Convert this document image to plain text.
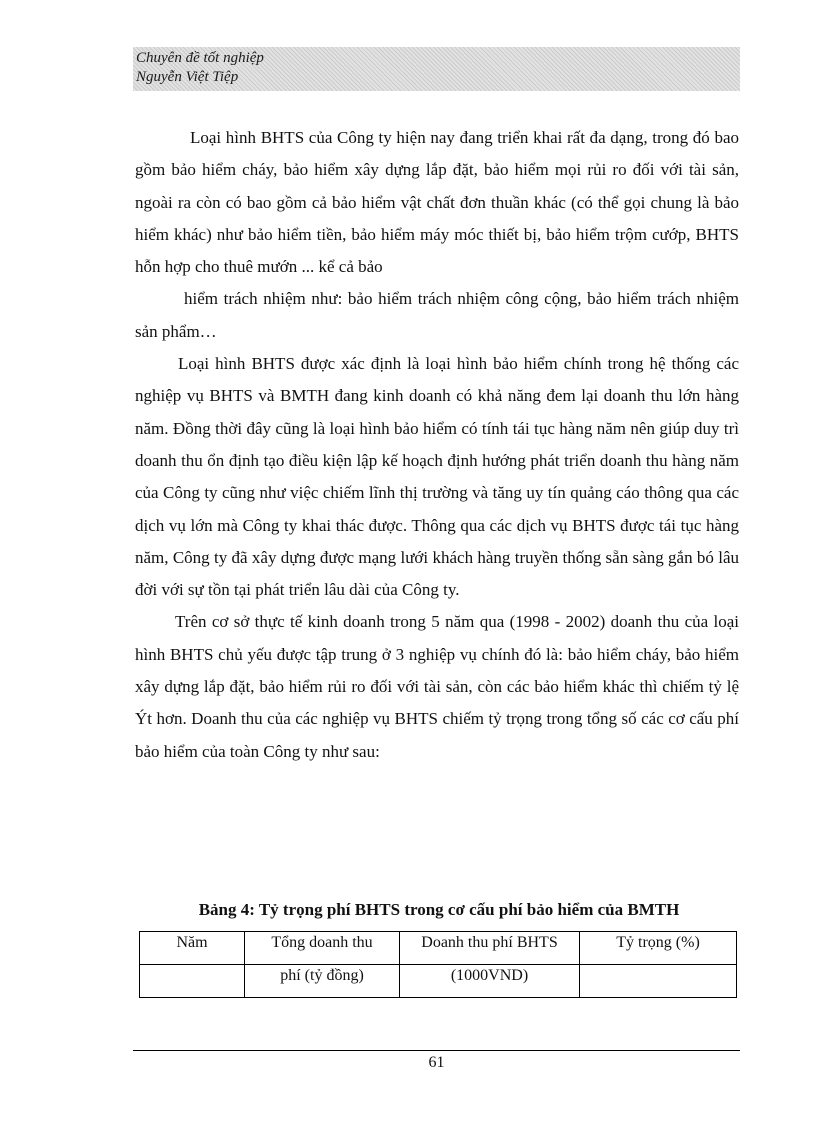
Chuyên đề tốt nghiệp
Nguyễn Việt Tiệp

Loại hình BHTS của Công ty hiện nay đang triển khai rất đa dạng, trong đó bao gồm bảo hiểm cháy, bảo hiểm xây dựng lắp đặt, bảo hiểm mọi rủi ro đối với tài sản, ngoài ra còn có bao gồm cả bảo hiểm vật chất đơn thuần khác (có thể gọi chung là bảo hiểm khác) như bảo hiểm tiền, bảo hiểm máy móc thiết bị, bảo hiểm trộm cướp, BHTS hỗn hợp cho thuê mướn ... kể cả bảo

hiểm trách nhiệm như: bảo hiểm trách nhiệm công cộng, bảo hiểm trách nhiệm sản phẩm…

Loại hình BHTS được xác định là loại hình bảo hiểm chính trong hệ thống các nghiệp vụ BHTS và BMTH đang kinh doanh có khả năng đem lại doanh thu lớn hàng năm. Đồng thời đây cũng là loại hình bảo hiểm có tính tái tục hàng năm nên giúp duy trì doanh thu ổn định tạo điều kiện lập kế hoạch định hướng phát triển doanh thu hàng năm của Công ty cũng như việc chiếm lĩnh thị trường và tăng uy tín quảng cáo thông qua các dịch vụ lớn mà Công ty khai thác được. Thông qua các dịch vụ BHTS được tái tục hàng năm, Công ty đã xây dựng được mạng lưới khách hàng truyền thống sẵn sàng gắn bó lâu đời với sự tồn tại phát triển lâu dài của Công ty.

Trên cơ sở thực tế kinh doanh trong 5 năm qua (1998 - 2002) doanh thu của loại hình BHTS chủ yếu được tập trung ở 3 nghiệp vụ chính đó là: bảo hiểm cháy, bảo hiểm xây dựng lắp đặt, bảo hiểm rủi ro đối với tài sản, còn các bảo hiểm khác thì chiếm tỷ lệ Ýt hơn. Doanh thu của các nghiệp vụ BHTS chiếm tỷ trọng trong tổng số các cơ cấu phí bảo hiểm của toàn Công ty như sau:

Bảng 4: Tỷ trọng phí BHTS trong cơ cấu phí bảo hiểm của BMTH
Năm	Tổng doanh thu	Doanh thu phí BHTS	Tỷ trọng (%)
	phí (tỷ đồng)	(1000VND)	
61
